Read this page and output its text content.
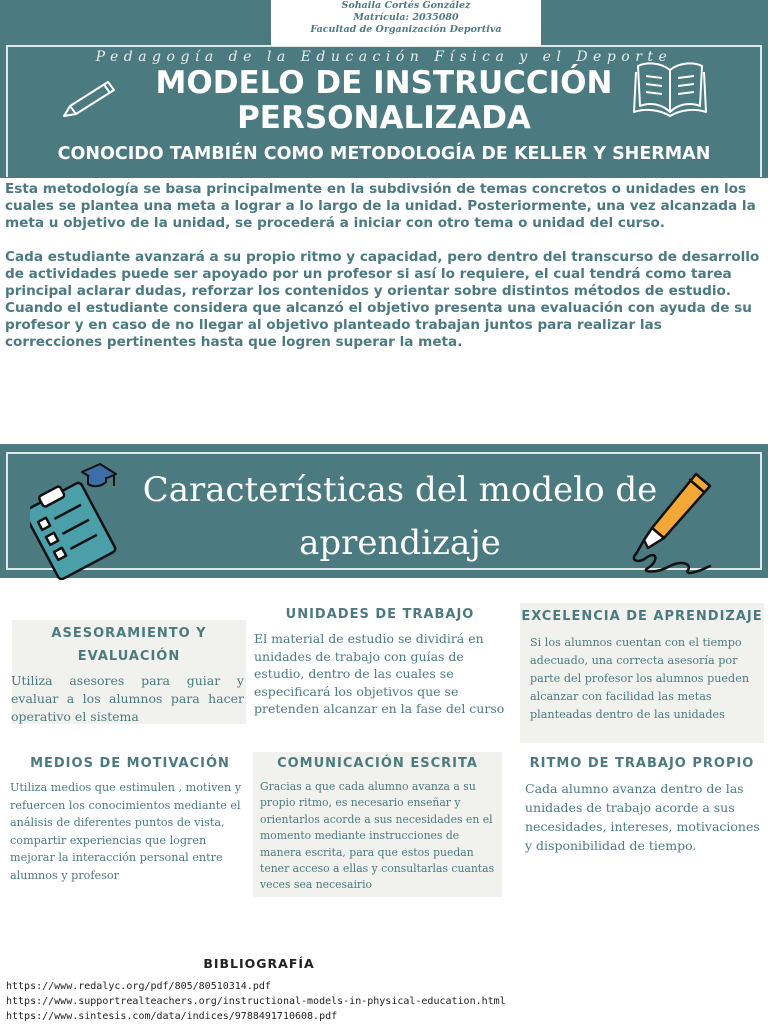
Sohaila Cortés González
Matrícula: 2035080
Facultad de Organización Deportiva
Pedagogía de la Educación Física y el Deporte
MODELO DE INSTRUCCIÓN
PERSONALIZADA
CONOCIDO TAMBIÉN COMO METODOLOGÍA DE KELLER Y SHERMAN

Esta metodología se basa principalmente en la subdivsión de temas concretos o unidades en los cuales se plantea una meta a lograr a lo largo de la unidad. Posteriormente, una vez alcanzada la meta u objetivo de la unidad, se procederá a iniciar con otro tema o unidad del curso.

Cada estudiante avanzará a su propio ritmo y capacidad, pero dentro del transcurso de desarrollo de actividades puede ser apoyado por un profesor si así lo requiere, el cual tendrá como tarea principal aclarar dudas, reforzar los contenidos y orientar sobre distintos métodos de estudio. Cuando el estudiante considera que alcanzó el objetivo presenta una evaluación con ayuda de su profesor y en caso de no llegar al objetivo planteado trabajan juntos para realizar las correcciones pertinentes hasta que logren superar la meta.

Características del modelo de
aprendizaje
ASESORAMIENTO Y EVALUACIÓN
Utiliza asesores para guiar y evaluar a los alumnos para hacer operativo el sistema
UNIDADES DE TRABAJO
El material de estudio se dividirá en unidades de trabajo con guías de estudio, dentro de las cuales se especificará los objetivos que se pretenden alcanzar en la fase del curso
EXCELENCIA DE APRENDIZAJE
Si los alumnos cuentan con el tiempo adecuado, una correcta asesoría por parte del profesor los alumnos pueden alcanzar con facilidad las metas planteadas dentro de las unidades
MEDIOS DE MOTIVACIÓN
Utiliza medios que estimulen , motiven y refuercen los conocimientos mediante el análisis de diferentes puntos de vista, compartir experiencias que logren mejorar la interacción personal entre alumnos y profesor
COMUNICACIÓN ESCRITA
Gracias a que cada alumno avanza a su propio ritmo, es necesario enseñar y orientarlos acorde a sus necesidades en el momento mediante instrucciones de manera escrita, para que estos puedan tener acceso a ellas y consultarlas cuantas veces sea necesairio
RITMO DE TRABAJO PROPIO
Cada alumno avanza dentro de las unidades de trabajo acorde a sus necesidades, intereses, motivaciones y disponibilidad de tiempo.
BIBLIOGRAFÍA
https://www.redalyc.org/pdf/805/80510314.pdf
https://www.supportrealteachers.org/instructional-models-in-physical-education.html
https://www.sintesis.com/data/indices/9788491710608.pdf
